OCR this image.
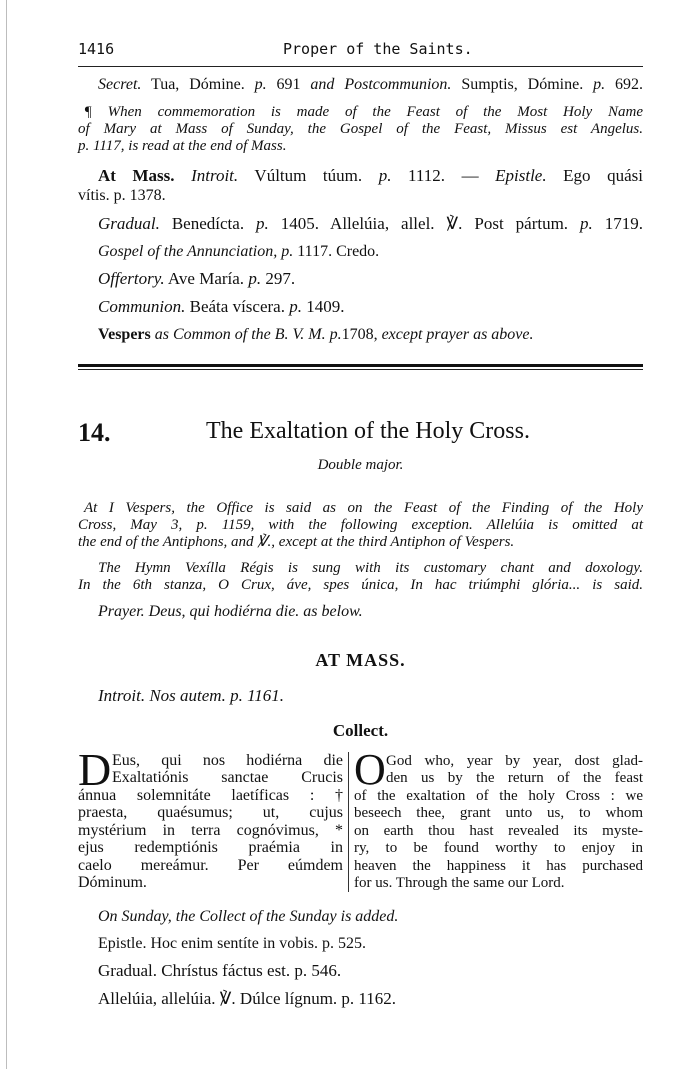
1416	Proper of the Saints.
Secret. Tua, Dómine. p. 691 and Postcommunion. Sumptis, Dómine. p. 692.
¶ When commemoration is made of the Feast of the Most Holy Name
of Mary at Mass of Sunday, the Gospel of the Feast, Missus est Angelus.
p. 1117, is read at the end of Mass.
At Mass. Introit. Vúltum túum. p. 1112. — Epistle. Ego quási
vítis. p. 1378.
Gradual. Benedícta. p. 1405. Allelúia, allel. ℣. Post pártum. p. 1719.
Gospel of the Annunciation, p. 1117. Credo.
Offertory. Ave María. p. 297.
Communion. Beáta víscera. p. 1409.
Vespers as Common of the B. V. M. p.1708, except prayer as above.
14.	The Exaltation of the Holy Cross.
Double major.
At I Vespers, the Office is said as on the Feast of the Finding of the Holy
Cross, May 3, p. 1159, with the following exception. Allelúia is omitted at
the end of the Antiphons, and ℣., except at the third Antiphon of Vespers.
The Hymn Vexílla Régis is sung with its customary chant and doxology.
In the 6th stanza, O Crux, áve, spes única, In hac triúmphi glória... is said.
Prayer. Deus, qui hodiérna die. as below.
AT MASS.
Introit. Nos autem. p. 1161.
Collect.
D Eus, qui nos hodiérna die
Exaltatiónis sanctae Crucis
ánnua solemnitáte laetíficas : †
praesta, quaésumus; ut, cujus
mystérium in terra cognóvimus, *
ejus redemptiónis praémia in
caelo mereámur. Per eúmdem
Dóminum.
O God who, year by year, dost glad-
den us by the return of the feast
of the exaltation of the holy Cross : we
beseech thee, grant unto us, to whom
on earth thou hast revealed its myste-
ry, to be found worthy to enjoy in
heaven the happiness it has purchased
for us. Through the same our Lord.
On Sunday, the Collect of the Sunday is added.
Epistle. Hoc enim sentíte in vobis. p. 525.
Gradual. Chrístus fáctus est. p. 546.
Allelúia, allelúia. ℣. Dúlce lígnum. p. 1162.
